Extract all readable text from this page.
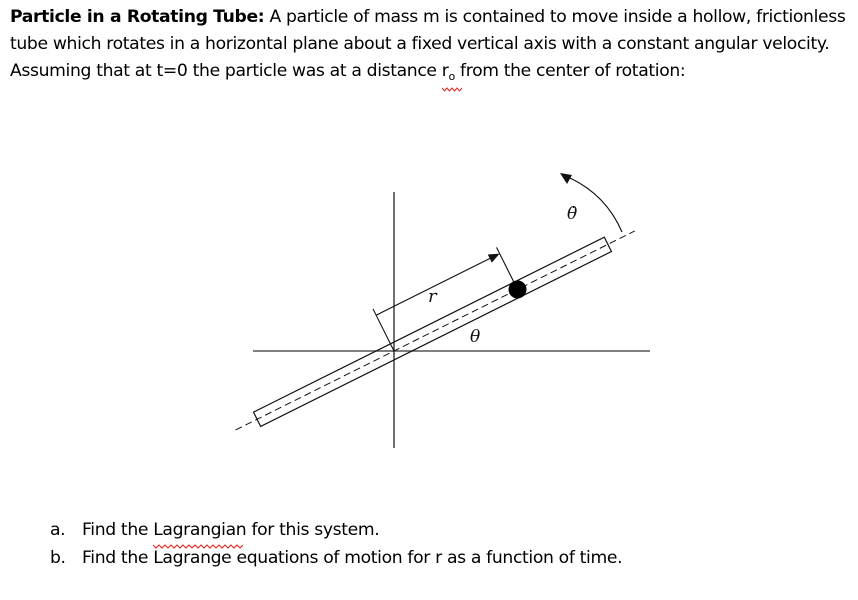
Particle in a Rotating Tube: A particle of mass m is contained to move inside a hollow, frictionless tube which rotates in a horizontal plane about a fixed vertical axis with a constant angular velocity. Assuming that at t=0 the particle was at a distance $r_o$ from the center of rotation:
r
θ
θ̇
a. Find the Lagrangian
for this system.
b. Find the Lagrange equations of motion for r as a function of time.
